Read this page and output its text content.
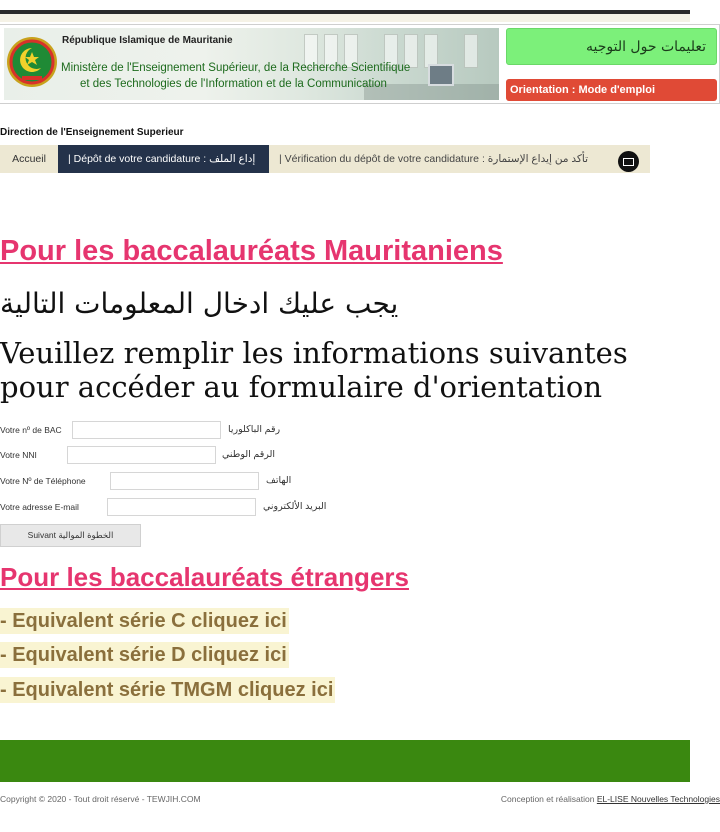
République Islamique de Mauritanie
Ministère de l'Enseignement Supérieur, de la Recherche Scientifique
et des Technologies de l'Information et de la Communication
تعليمات حول التوجيه
Orientation : Mode d'emploi
Direction de l'Enseignement Superieur
Accueil	| Dépôt de votre candidature : إداع الملف	| Vérification du dépôt de votre candidature : تأكد من إيداع الإستمارة
Pour les baccalauréats Mauritaniens
يجب عليك ادخال المعلومات التالية
Veuillez remplir les informations suivantes pour accéder au formulaire d'orientation
Votre nº de BAC	رقم الباكلوريا
Votre NNI	الرقم الوطني
Votre Nº de Téléphone	الهاتف
Votre adresse E-mail	البريد الألكتروني
Suivant الخطوة الموالية
Pour les baccalauréats étrangers
- Equivalent série C cliquez ici
- Equivalent série D cliquez ici
- Equivalent série TMGM cliquez ici
Copyright © 2020 - Tout droit réservé - TEWJIH.COM	Conception et réalisation EL-LISE Nouvelles Technologies
